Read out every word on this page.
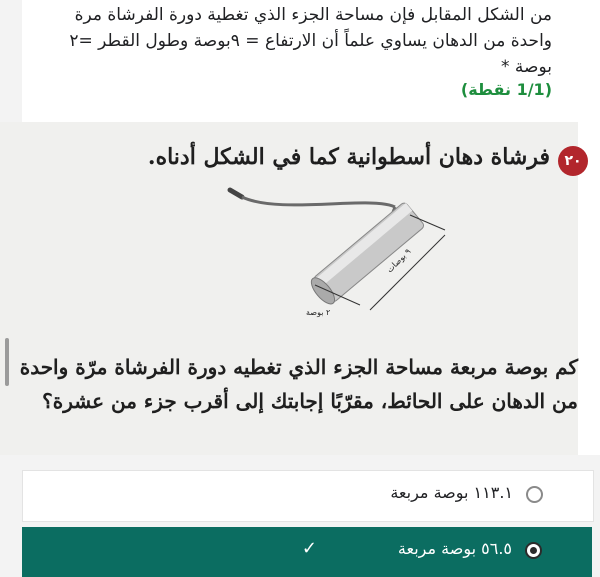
من الشكل المقابل فإن مساحة الجزء الذي تغطية دورة الفرشاة مرة واحدة من الدهان يساوي علماً أن الارتفاع = ٩بوصة وطول القطر =٢ بوصة *
(1/1 نقطة)
٢٠
فرشاة دهان أسطوانية كما في الشكل أدناه.
٩ بوصات
٢ بوصة
كم بوصة مربعة مساحة الجزء الذي تغطيه دورة الفرشاة مرّة واحدة من الدهان على الحائط، مقرّبًا إجابتك إلى أقرب جزء من عشرة؟
١١٣.١ بوصة مربعة
٥٦.٥ بوصة مربعة
✓
